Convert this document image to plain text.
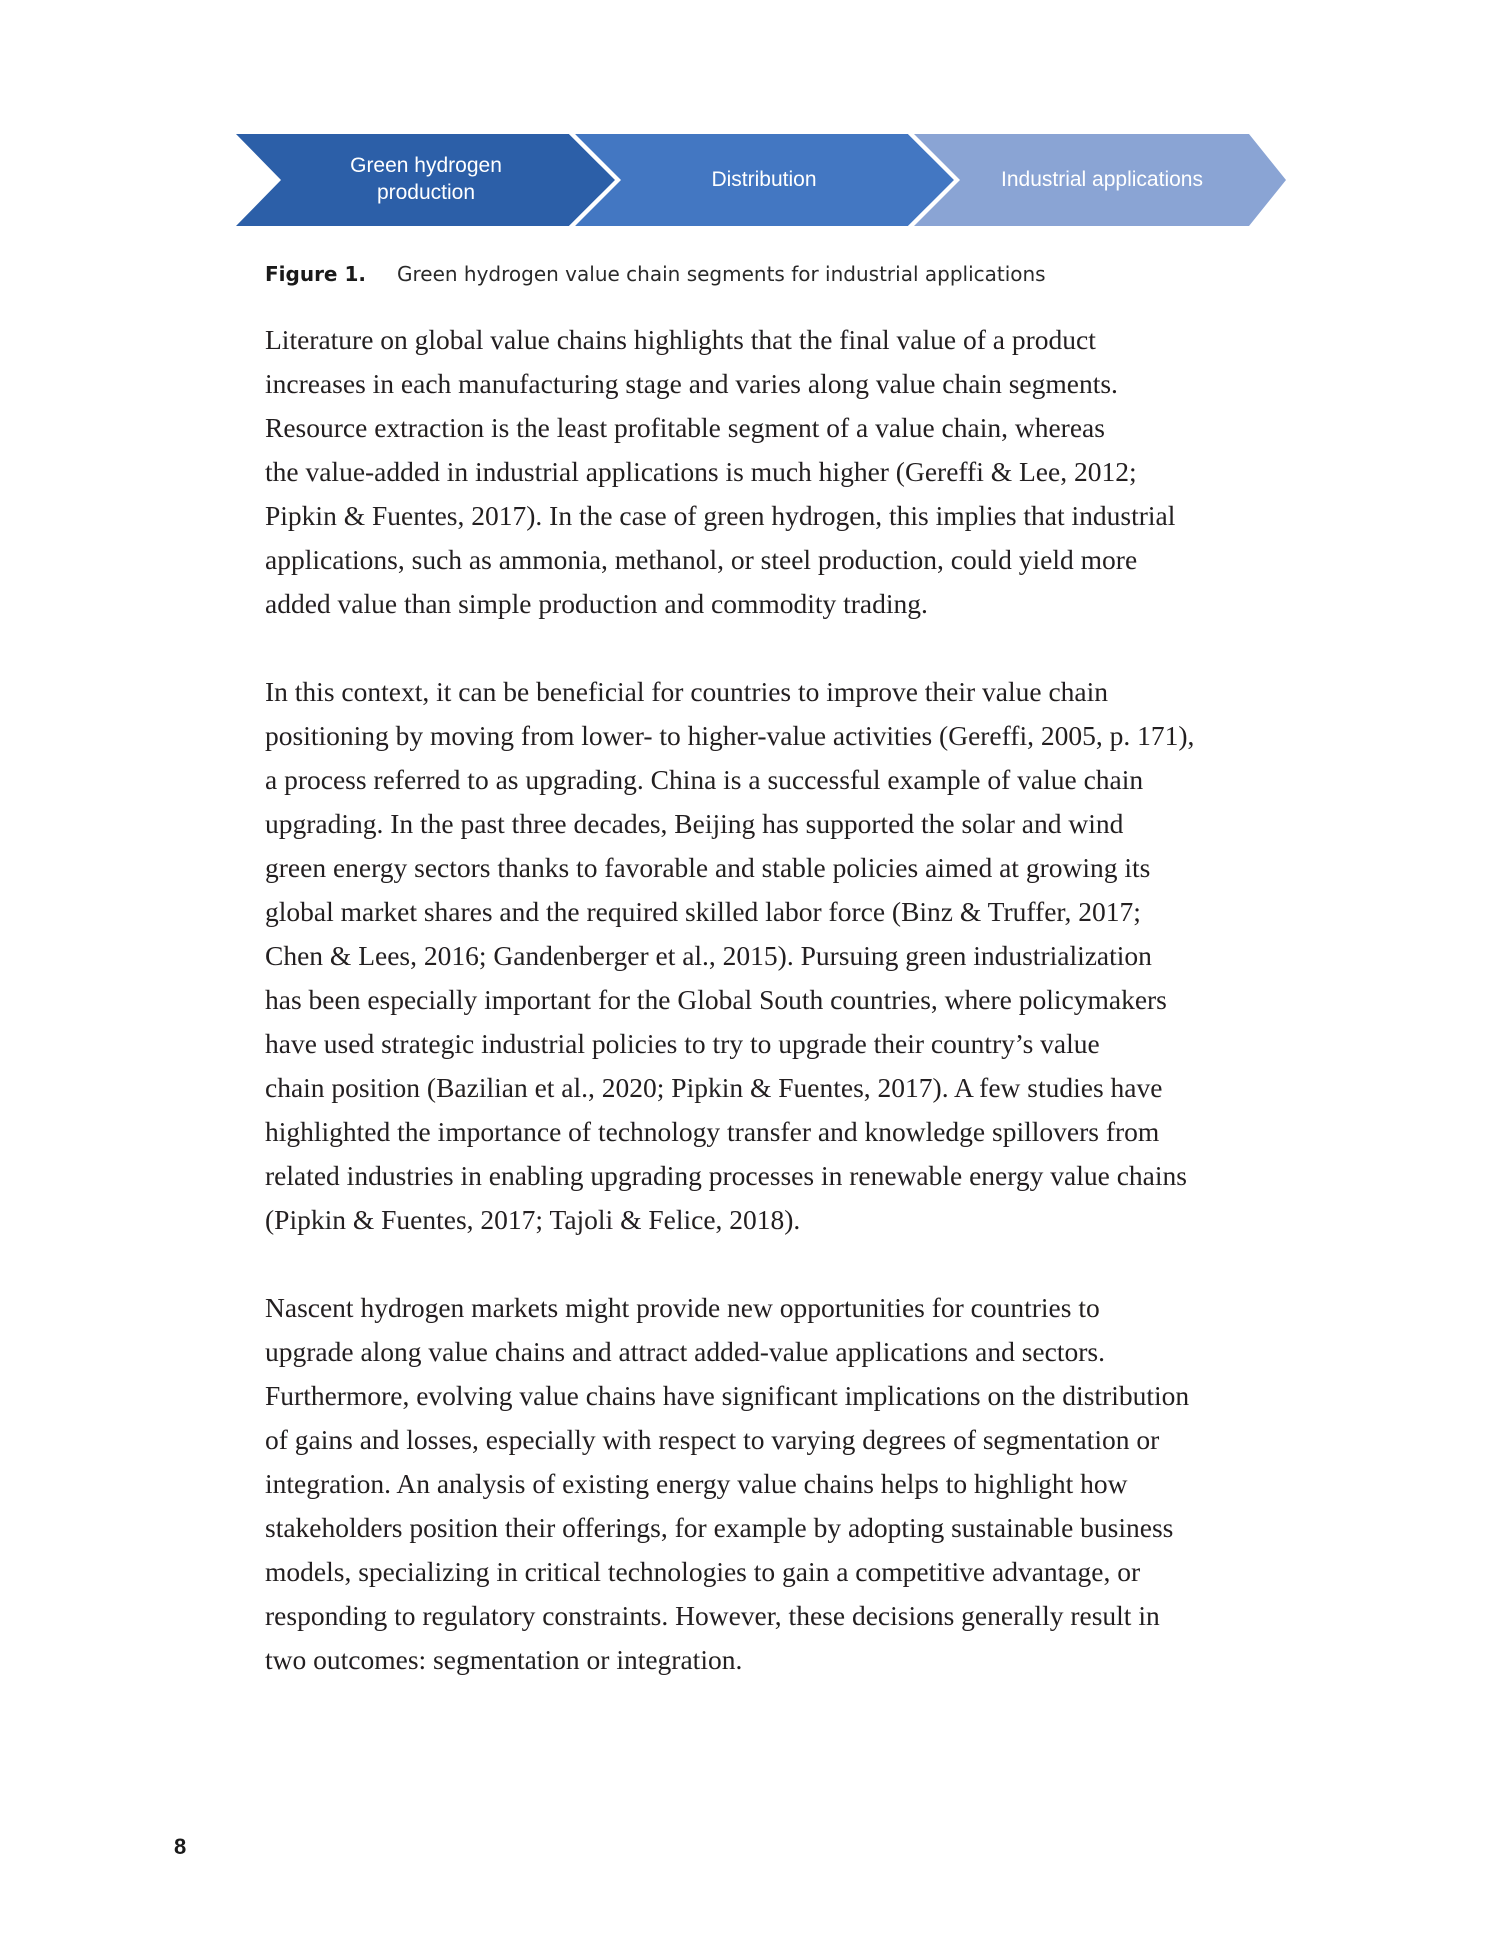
Green hydrogen
production
Distribution	Industrial applications
Figure 1. Green hydrogen value chain segments for industrial applications

Literature on global value chains highlights that the final value of a product
increases in each manufacturing stage and varies along value chain segments.
Resource extraction is the least profitable segment of a value chain, whereas
the value-added in industrial applications is much higher (Gereffi & Lee, 2012;
Pipkin & Fuentes, 2017). In the case of green hydrogen, this implies that industrial
applications, such as ammonia, methanol, or steel production, could yield more
added value than simple production and commodity trading.

In this context, it can be beneficial for countries to improve their value chain
positioning by moving from lower- to higher-value activities (Gereffi, 2005, p. 171),
a process referred to as upgrading. China is a successful example of value chain
upgrading. In the past three decades, Beijing has supported the solar and wind
green energy sectors thanks to favorable and stable policies aimed at growing its
global market shares and the required skilled labor force (Binz & Truffer, 2017;
Chen & Lees, 2016; Gandenberger et al., 2015). Pursuing green industrialization
has been especially important for the Global South countries, where policymakers
have used strategic industrial policies to try to upgrade their country’s value
chain position (Bazilian et al., 2020; Pipkin & Fuentes, 2017). A few studies have
highlighted the importance of technology transfer and knowledge spillovers from
related industries in enabling upgrading processes in renewable energy value chains
(Pipkin & Fuentes, 2017; Tajoli & Felice, 2018).

Nascent hydrogen markets might provide new opportunities for countries to
upgrade along value chains and attract added-value applications and sectors.
Furthermore, evolving value chains have significant implications on the distribution
of gains and losses, especially with respect to varying degrees of segmentation or
integration. An analysis of existing energy value chains helps to highlight how
stakeholders position their offerings, for example by adopting sustainable business
models, specializing in critical technologies to gain a competitive advantage, or
responding to regulatory constraints. However, these decisions generally result in
two outcomes: segmentation or integration.

8
